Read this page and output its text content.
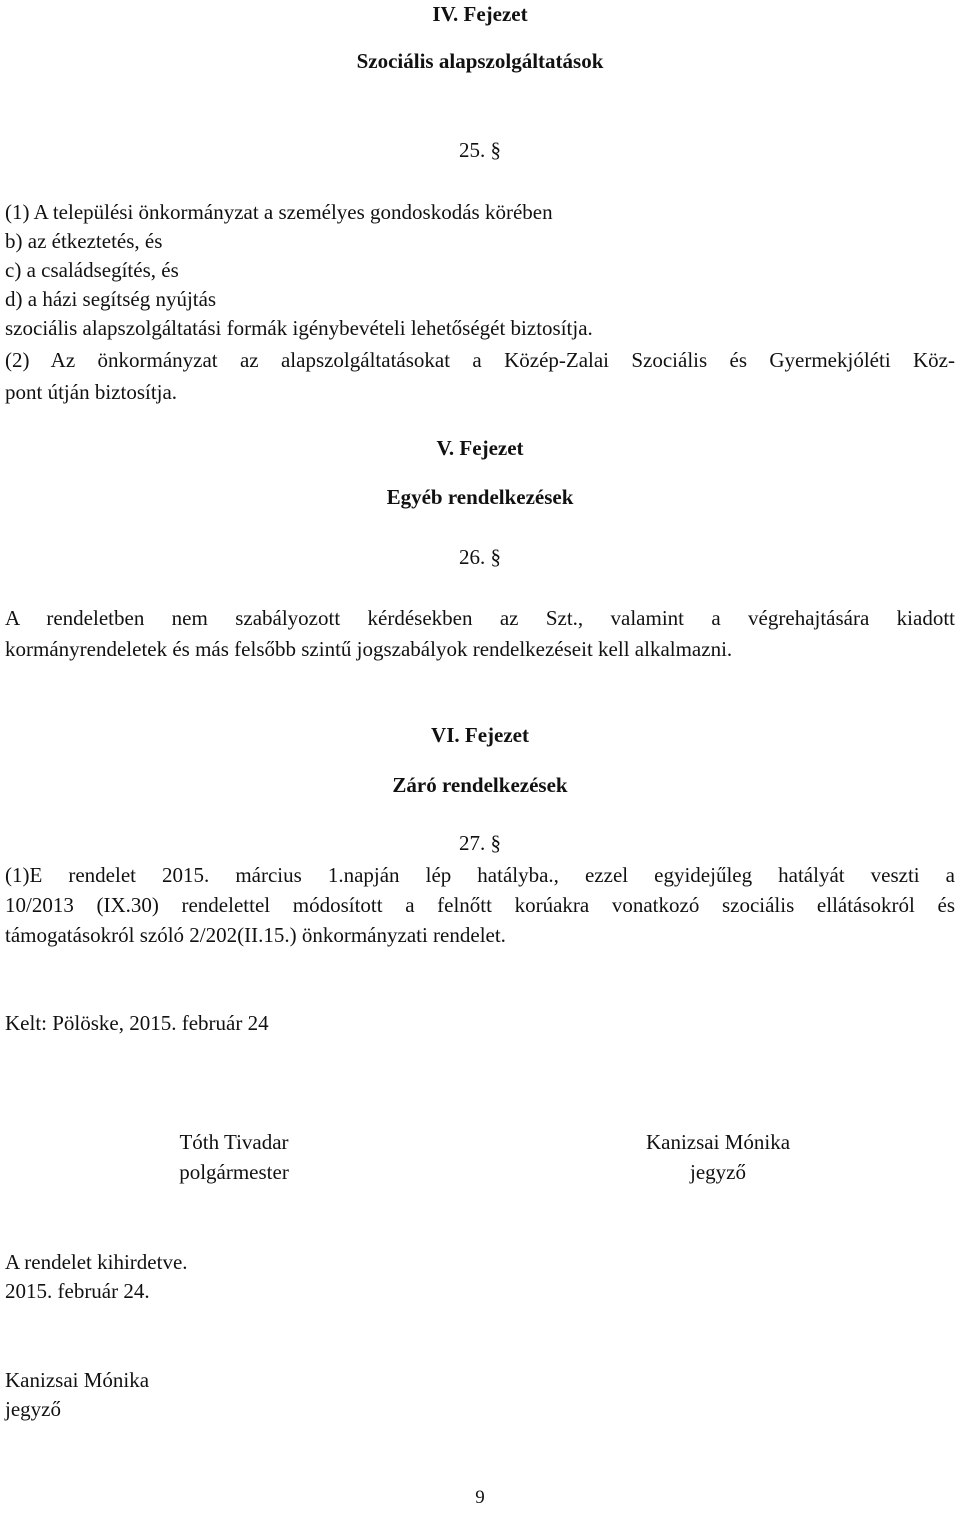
IV. Fejezet
Szociális alapszolgáltatások
25. §
(1) A települési önkormányzat a személyes gondoskodás körében
b) az étkeztetés, és
c) a családsegítés, és
d) a házi segítség nyújtás
szociális alapszolgáltatási formák igénybevételi lehetőségét biztosítja.
(2) Az önkormányzat az alapszolgáltatásokat a Közép-Zalai Szociális és Gyermekjóléti Köz-
pont útján biztosítja.
V. Fejezet
Egyéb rendelkezések
26. §
A rendeletben nem szabályozott kérdésekben az Szt., valamint a végrehajtására kiadott
kormányrendeletek és más felsőbb szintű jogszabályok rendelkezéseit kell alkalmazni.
VI. Fejezet
Záró rendelkezések
27. §
(1)E rendelet 2015. március 1.napján lép hatályba., ezzel egyidejűleg hatályát veszti a
10/2013 (IX.30) rendelettel módosított a felnőtt korúakra vonatkozó szociális ellátásokról és
támogatásokról szóló 2/202(II.15.) önkormányzati rendelet.
Kelt: Pölöske, 2015. február 24
Tóth Tivadar
polgármester
Kanizsai Mónika
jegyző
A rendelet kihirdetve.
2015. február 24.
Kanizsai Mónika
jegyző
9
